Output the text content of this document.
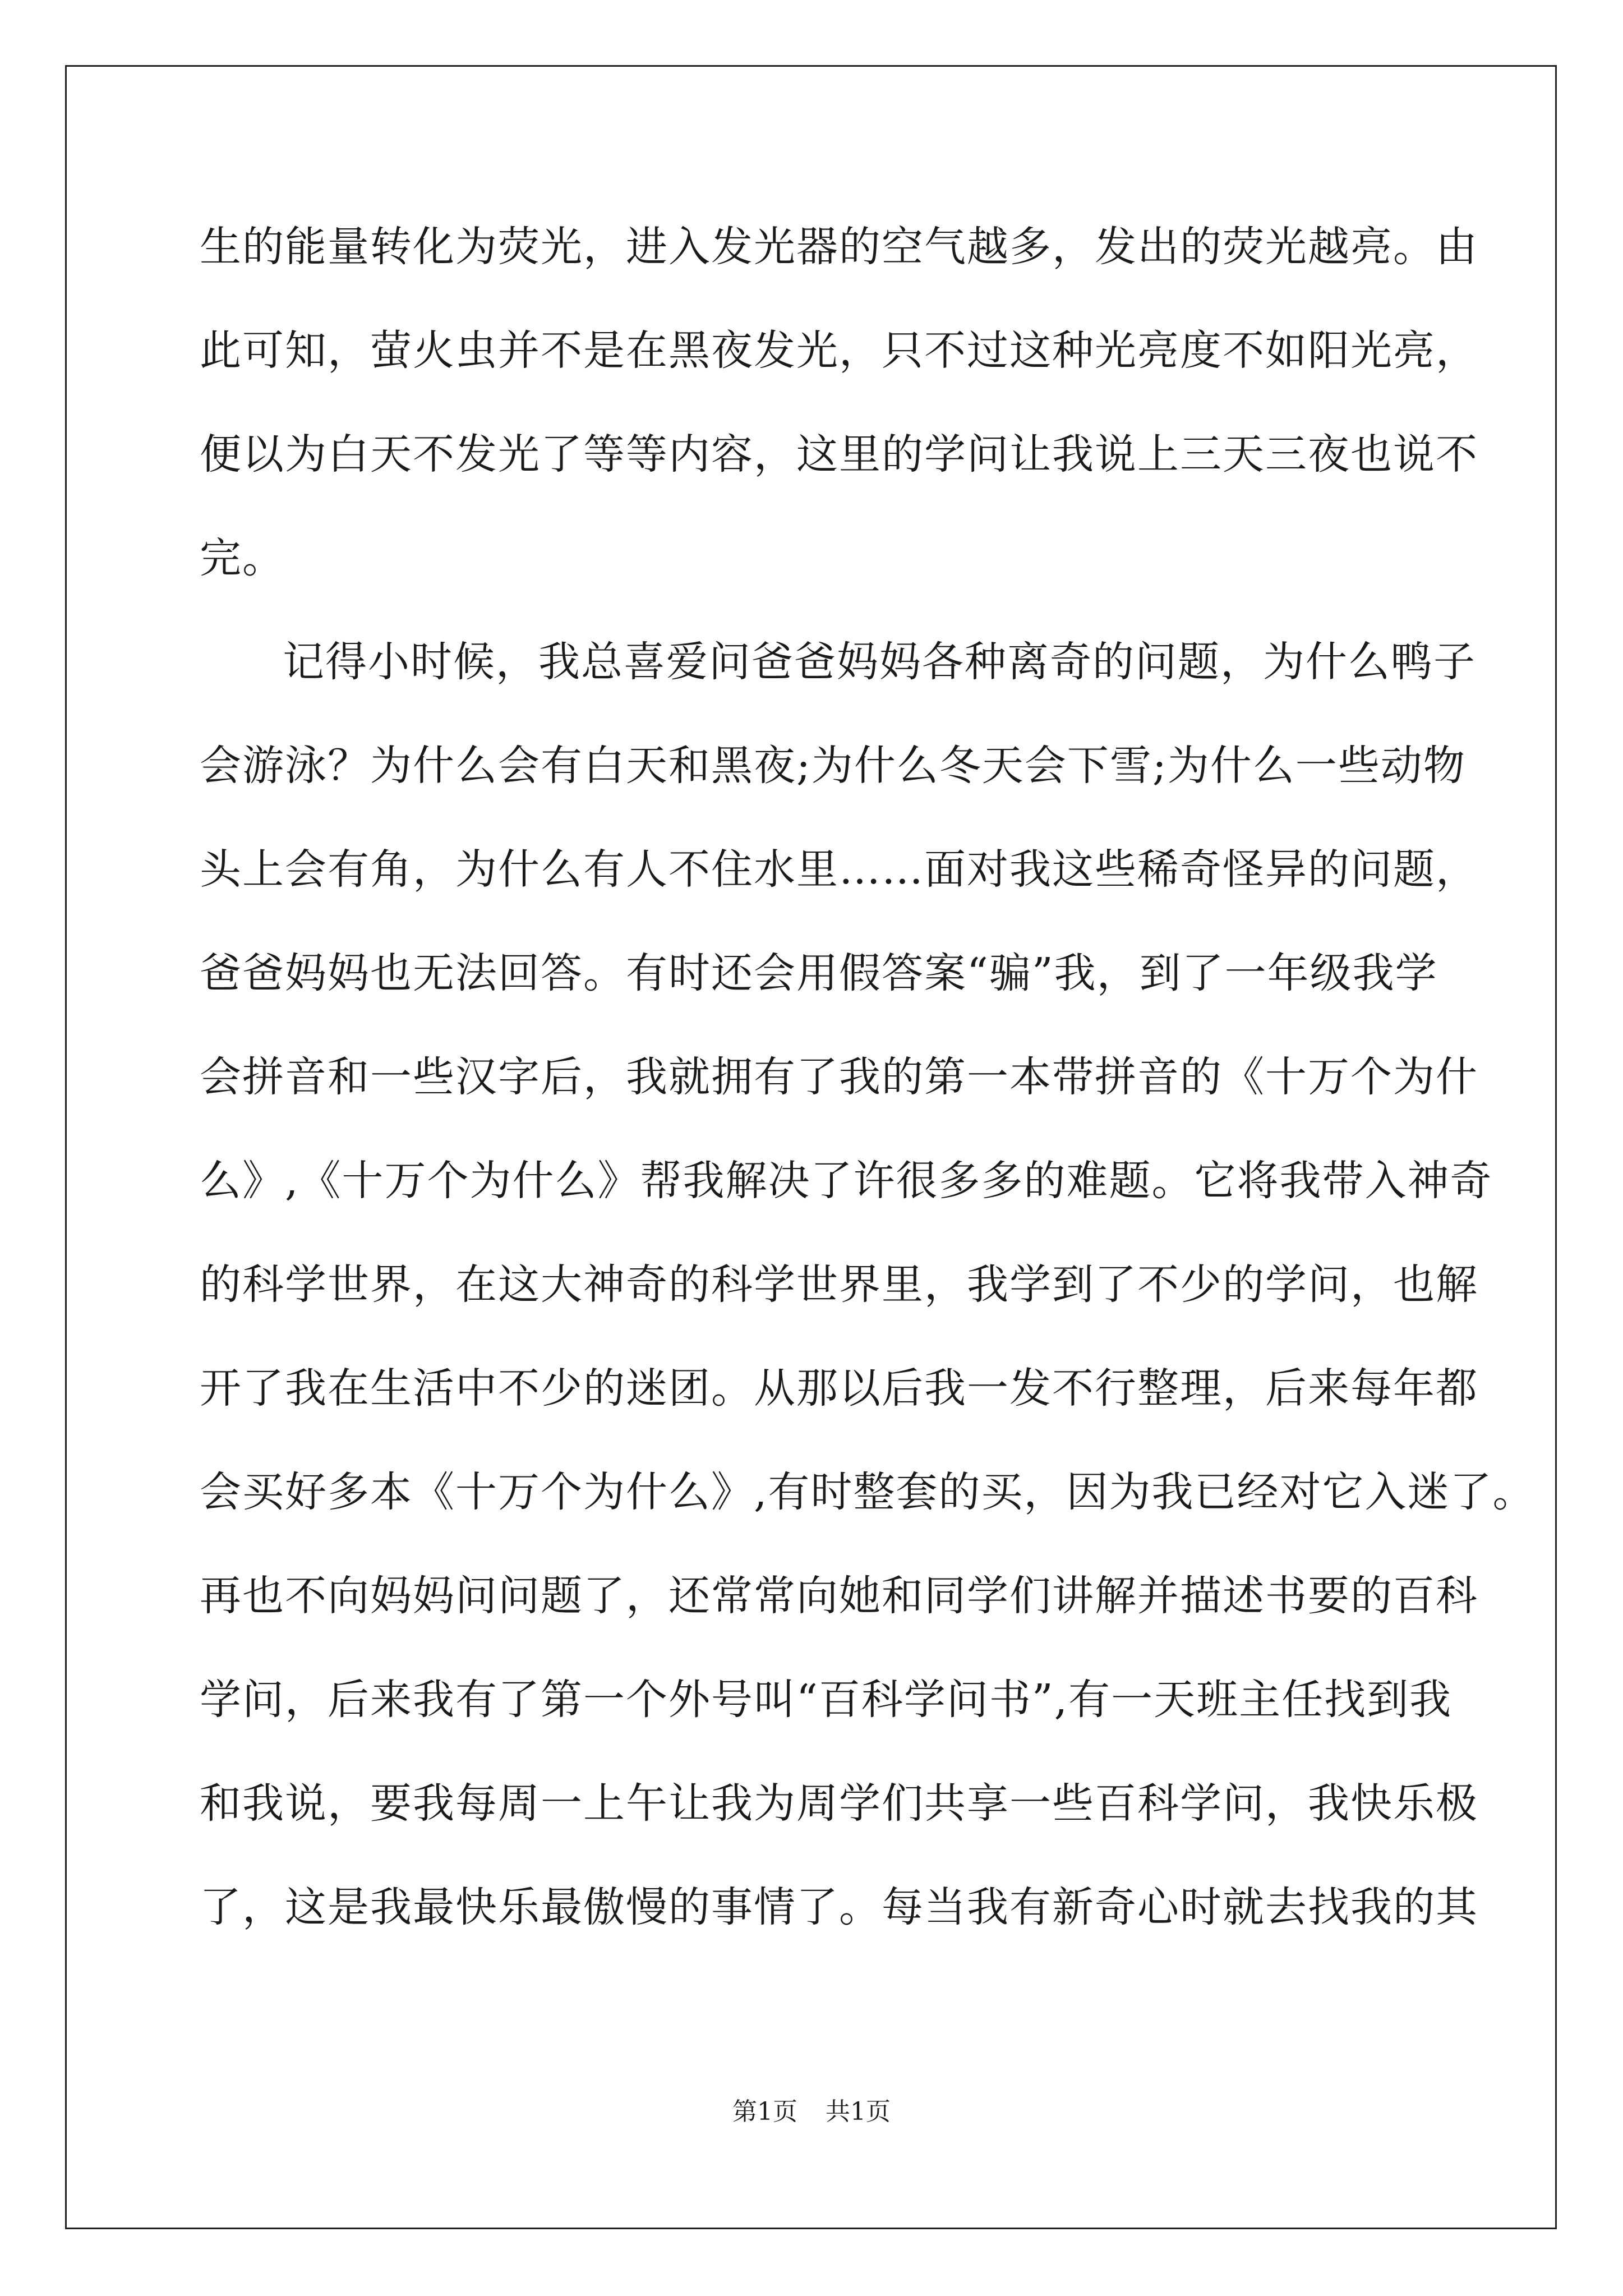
生的能量转化为荧光，进入发光器的空气越多，发出的荧光越亮。由
此可知，萤火虫并不是在黑夜发光，只不过这种光亮度不如阳光亮，
便以为白天不发光了等等内容，这里的学问让我说上三天三夜也说不
完。
记得小时候，我总喜爱问爸爸妈妈各种离奇的问题，为什么鸭子
会游泳？为什么会有白天和黑夜;为什么冬天会下雪;为什么一些动物
头上会有角，为什么有人不住水里……面对我这些稀奇怪异的问题，
爸爸妈妈也无法回答。有时还会用假答案“骗”我，到了一年级我学
会拼音和一些汉字后，我就拥有了我的第一本带拼音的《十万个为什
么》,《十万个为什么》帮我解决了许很多多的难题。它将我带入神奇
的科学世界，在这大神奇的科学世界里，我学到了不少的学问，也解
开了我在生活中不少的迷团。从那以后我一发不行整理，后来每年都
会买好多本《十万个为什么》,有时整套的买，因为我已经对它入迷了。
再也不向妈妈问问题了，还常常向她和同学们讲解并描述书要的百科
学问，后来我有了第一个外号叫“百科学问书”,有一天班主任找到我
和我说，要我每周一上午让我为周学们共享一些百科学问，我快乐极
了，这是我最快乐最傲慢的事情了。每当我有新奇心时就去找我的其
第1页 共1页
